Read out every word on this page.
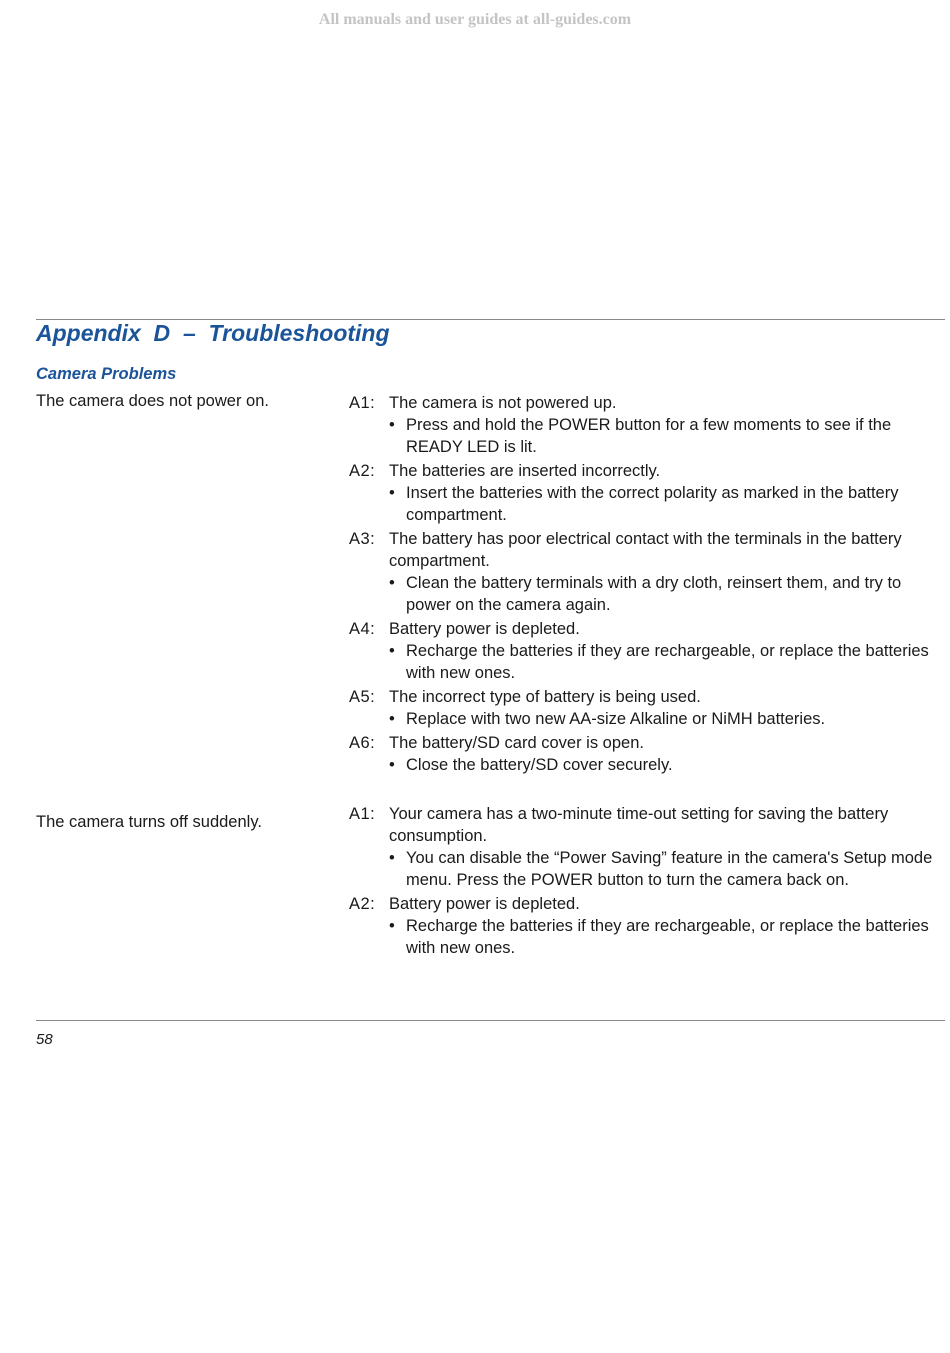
All manuals and user guides at all-guides.com
Appendix  D  –  Troubleshooting
Camera Problems
The camera does not power on.	A1: The camera is not powered up.
• Press and hold the POWER button for a few moments to see if the READY LED is lit.
A2: The batteries are inserted incorrectly.
• Insert the batteries with the correct polarity as marked in the battery compartment.
A3: The battery has poor electrical contact with the terminals in the battery compartment.
• Clean the battery terminals with a dry cloth, reinsert them, and try to power on the camera again.
A4: Battery power is depleted.
• Recharge the batteries if they are rechargeable, or replace the batteries with new ones.
A5: The incorrect type of battery is being used.
• Replace with two new AA-size Alkaline or NiMH batteries.
A6: The battery/SD card cover is open.
• Close the battery/SD cover securely.
The camera turns off suddenly.	A1: Your camera has a two-minute time-out setting for saving the battery consumption.
• You can disable the “Power Saving” feature in the camera's Setup mode menu. Press the POWER button to turn the camera back on.
A2: Battery power is depleted.
• Recharge the batteries if they are rechargeable, or replace the batteries with new ones.
58
